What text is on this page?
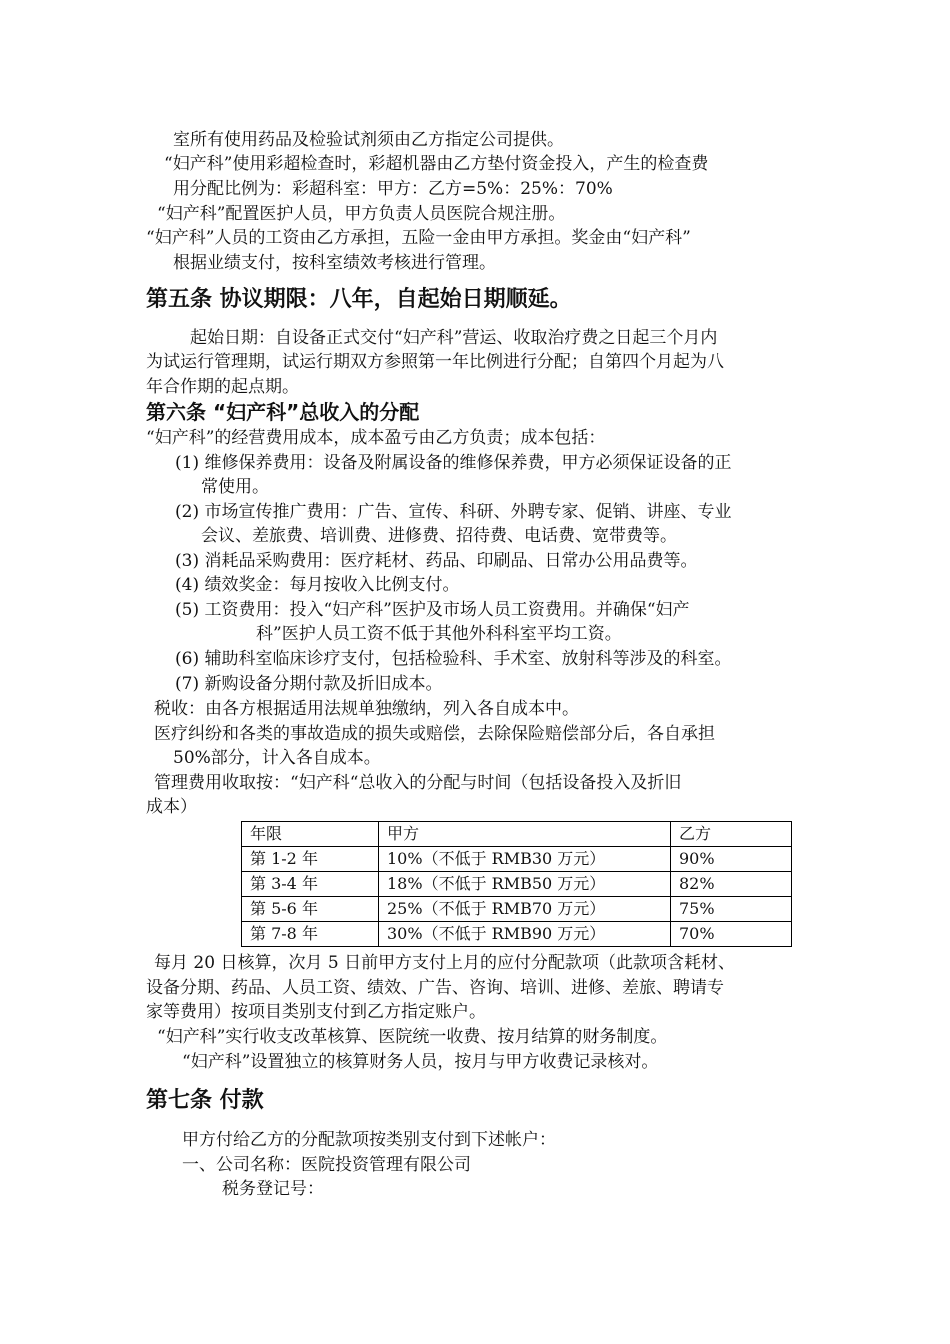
室所有使用药品及检验试剂须由乙方指定公司提供。

“妇产科”使用彩超检查时，彩超机器由乙方垫付资金投入，产生的检查费

用分配比例为：彩超科室：甲方：乙方=5%：25%：70%

“妇产科”配置医护人员，甲方负责人员医院合规注册。

“妇产科”人员的工资由乙方承担，五险一金由甲方承担。奖金由“妇产科”

根据业绩支付，按科室绩效考核进行管理。

第五条 协议期限：八年，自起始日期顺延。

起始日期：自设备正式交付“妇产科”营运、收取治疗费之日起三个月内

为试运行管理期，试运行期双方参照第一年比例进行分配；自第四个月起为八

年合作期的起点期。

第六条 “妇产科”总收入的分配

“妇产科”的经营费用成本，成本盈亏由乙方负责；成本包括：

(1) 维修保养费用：设备及附属设备的维修保养费，甲方必须保证设备的正

常使用。

(2) 市场宣传推广费用：广告、宣传、科研、外聘专家、促销、讲座、专业

会议、差旅费、培训费、进修费、招待费、电话费、宽带费等。

(3) 消耗品采购费用：医疗耗材、药品、印刷品、日常办公用品费等。

(4) 绩效奖金：每月按收入比例支付。

(5) 工资费用：投入“妇产科”医护及市场人员工资费用。并确保“妇产

科”医护人员工资不低于其他外科科室平均工资。

(6) 辅助科室临床诊疗支付，包括检验科、手术室、放射科等涉及的科室。

(7) 新购设备分期付款及折旧成本。

税收：由各方根据适用法规单独缴纳，列入各自成本中。

医疗纠纷和各类的事故造成的损失或赔偿，去除保险赔偿部分后，各自承担

50%部分，计入各自成本。

管理费用收取按：“妇产科“总收入的分配与时间（包括设备投入及折旧

成本）

年限	甲方	乙方
第 1-2 年	10%（不低于 RMB30 万元）	90%
第 3-4 年	18%（不低于 RMB50 万元）	82%
第 5-6 年	25%（不低于 RMB70 万元）	75%
第 7-8 年	30%（不低于 RMB90 万元）	70%

每月 20 日核算，次月 5 日前甲方支付上月的应付分配款项（此款项含耗材、

设备分期、药品、人员工资、绩效、广告、咨询、培训、进修、差旅、聘请专

家等费用）按项目类别支付到乙方指定账户。

“妇产科”实行收支改革核算、医院统一收费、按月结算的财务制度。

“妇产科”设置独立的核算财务人员，按月与甲方收费记录核对。

第七条 付款

甲方付给乙方的分配款项按类别支付到下述帐户：

一、公司名称：医院投资管理有限公司

税务登记号：
